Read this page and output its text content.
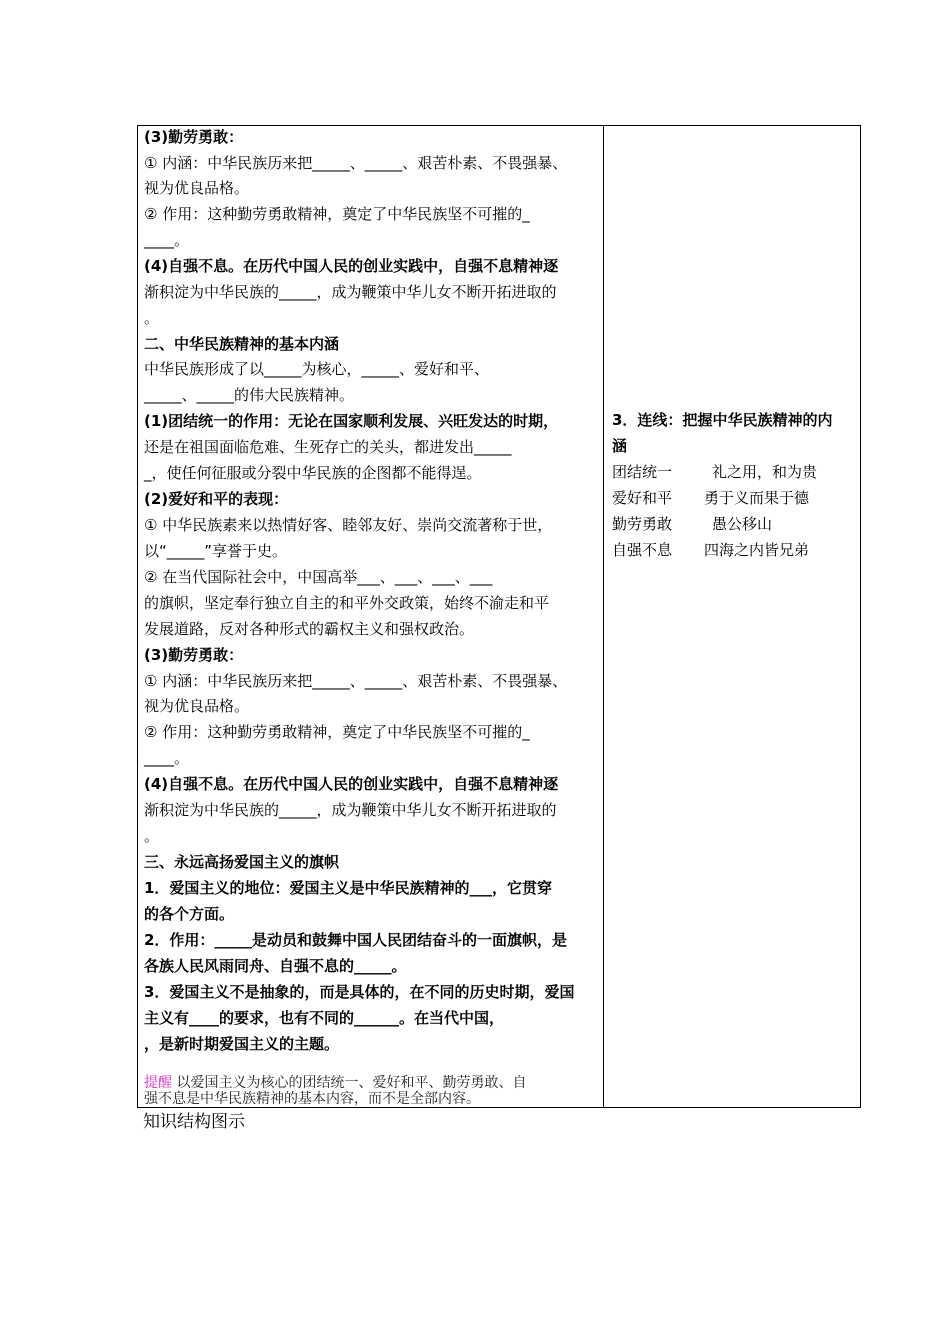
(3)勤劳勇敢：
① 内涵：中华民族历来把_____、_____、艰苦朴素、不畏强暴、
视为优良品格。
② 作用：这种勤劳勇敢精神，奠定了中华民族坚不可摧的_
____。
(4)自强不息。在历代中国人民的创业实践中，自强不息精神逐
渐积淀为中华民族的_____，成为鞭策中华儿女不断开拓进取的
。
二、中华民族精神的基本内涵
中华民族形成了以_____为核心，_____、爱好和平、
_____、_____的伟大民族精神。
(1)团结统一的作用：无论在国家顺利发展、兴旺发达的时期，
还是在祖国面临危难、生死存亡的关头，都进发出_____
_，使任何征服或分裂中华民族的企图都不能得逞。
(2)爱好和平的表现：
① 中华民族素来以热情好客、睦邻友好、崇尚交流著称于世，
以“_____”享誉于史。
② 在当代国际社会中，中国高举___、___、___、___
的旗帜，坚定奉行独立自主的和平外交政策，始终不渝走和平
发展道路，反对各种形式的霸权主义和强权政治。
(3)勤劳勇敢：
① 内涵：中华民族历来把_____、_____、艰苦朴素、不畏强暴、
视为优良品格。
② 作用：这种勤劳勇敢精神，奠定了中华民族坚不可摧的_
____。
(4)自强不息。在历代中国人民的创业实践中，自强不息精神逐
渐积淀为中华民族的_____，成为鞭策中华儿女不断开拓进取的
。
三、永远高扬爱国主义的旗帜
1．爱国主义的地位：爱国主义是中华民族精神的___，它贯穿
的各个方面。
2．作用：_____是动员和鼓舞中国人民团结奋斗的一面旗帜，是
各族人民风雨同舟、自强不息的_____。
3．爱国主义不是抽象的，而是具体的，在不同的历史时期，爱国
主义有____的要求，也有不同的______。在当代中国，
，是新时期爱国主义的主题。
提醒 以爱国主义为核心的团结统一、爱好和平、勤劳勇敢、自
强不息是中华民族精神的基本内容，而不是全部内容。
3．连线：把握中华民族精神的内
涵
团结统一	礼之用，和为贵
爱好和平 勇于义而果于德
勤劳勇敢	愚公移山
自强不息 四海之内皆兄弟
知识结构图示
